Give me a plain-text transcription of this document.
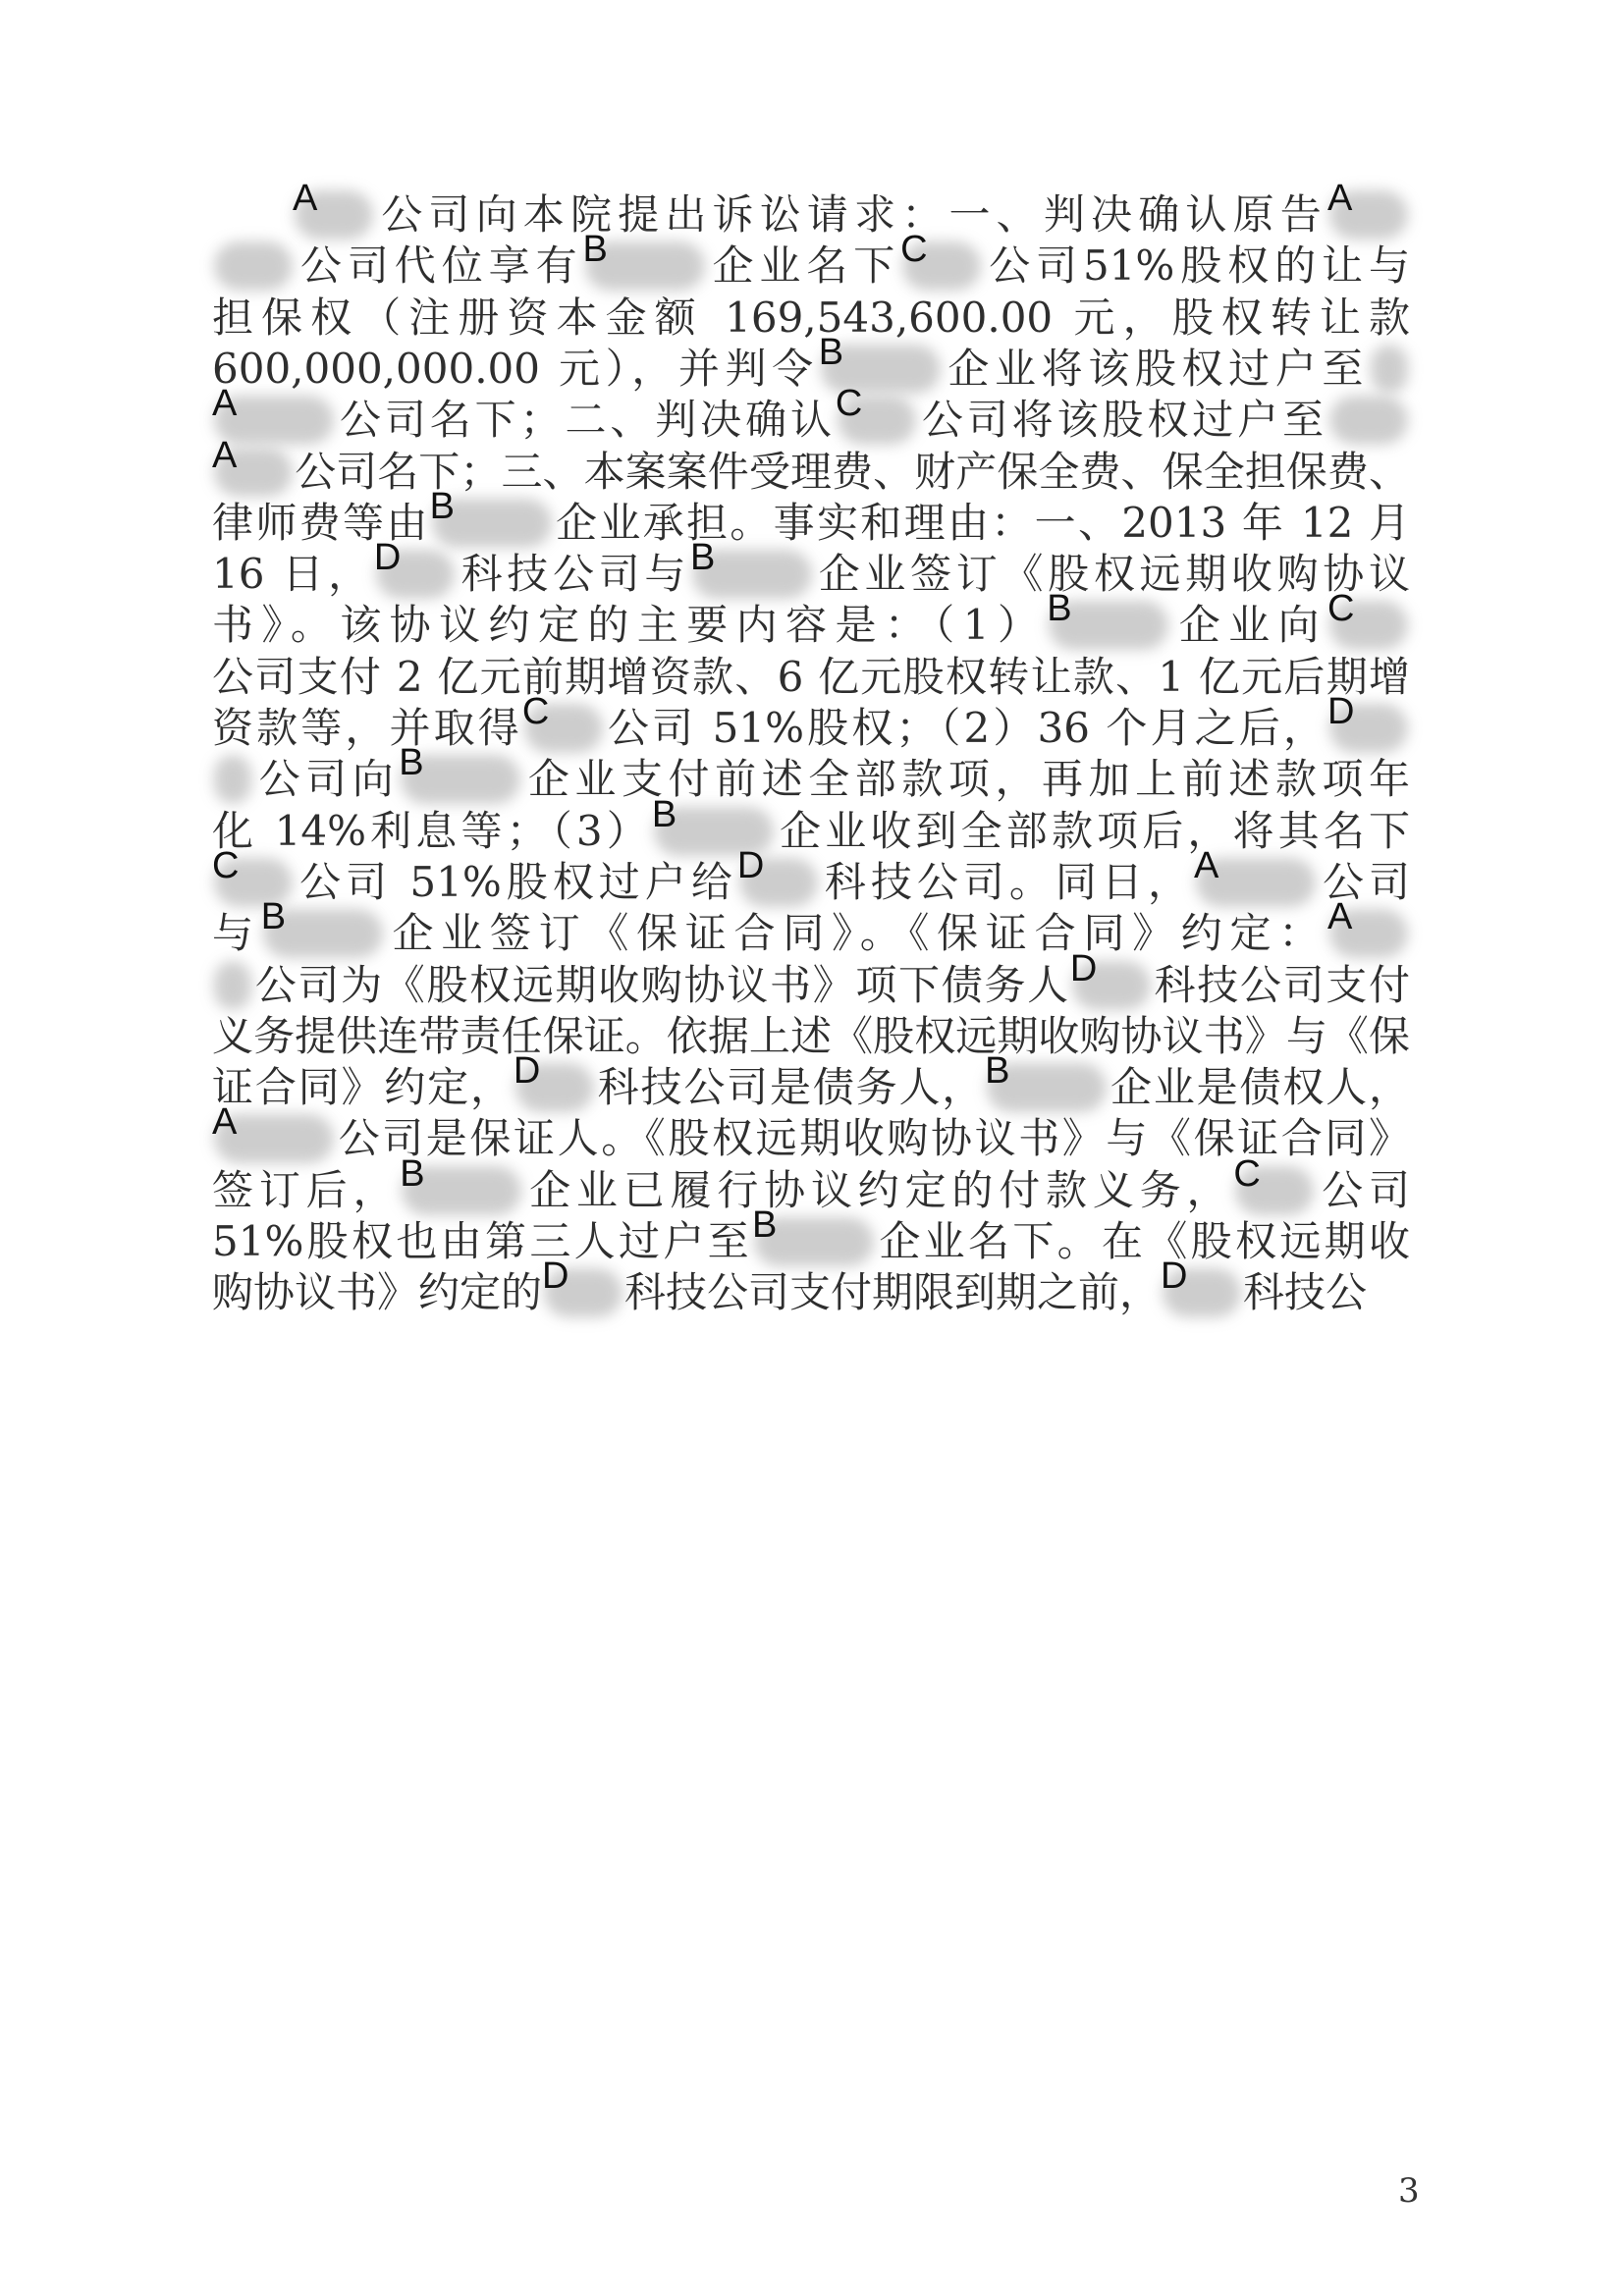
A	公司向本院提出诉讼请求：一、判决确认原告 A
公司代位享有 B	企业名下 C	公司51%股权的让与
担保权（注册资本金额 169,543,600.00 元，股权转让款
600,000,000.00 元），并判令 B	企业将该股权过户至
A	公司名下；二、判决确认 C	公司将该股权过户至
A	公司名下；三、本案案件受理费、财产保全费、保全担保费、
律师费等由 B	企业承担。事实和理由：一、2013 年 12 月
16 日， D	科技公司与 B	企业签订《股权远期收购协议
书》。该协议约定的主要内容是：（1） B	企业向 C
公司支付 2 亿元前期增资款、6 亿元股权转让款、1 亿元后期增
资款等，并取得 C	公司 51%股权；（2）36 个月之后， D
公司向 B	企业支付前述全部款项，再加上前述款项年
化 14%利息等；（3） B	企业收到全部款项后，将其名下
C	公司 51%股权过户给 D	科技公司。同日， A	公司
与 B	企业签订《保证合同》。《保证合同》约定： A
公司为《股权远期收购协议书》项下债务人 D	科技公司支付
义务提供连带责任保证。依据上述《股权远期收购协议书》与《保
证合同》约定， D	科技公司是债务人， B	企业是债权人，
A	公司是保证人。《股权远期收购协议书》与《保证合同》
签订后， B	企业已履行协议约定的付款义务， C	公司
51%股权也由第三人过户至 B	企业名下。在《股权远期收
购协议书》约定的 D	科技公司支付期限到期之前， D	科技公
3
